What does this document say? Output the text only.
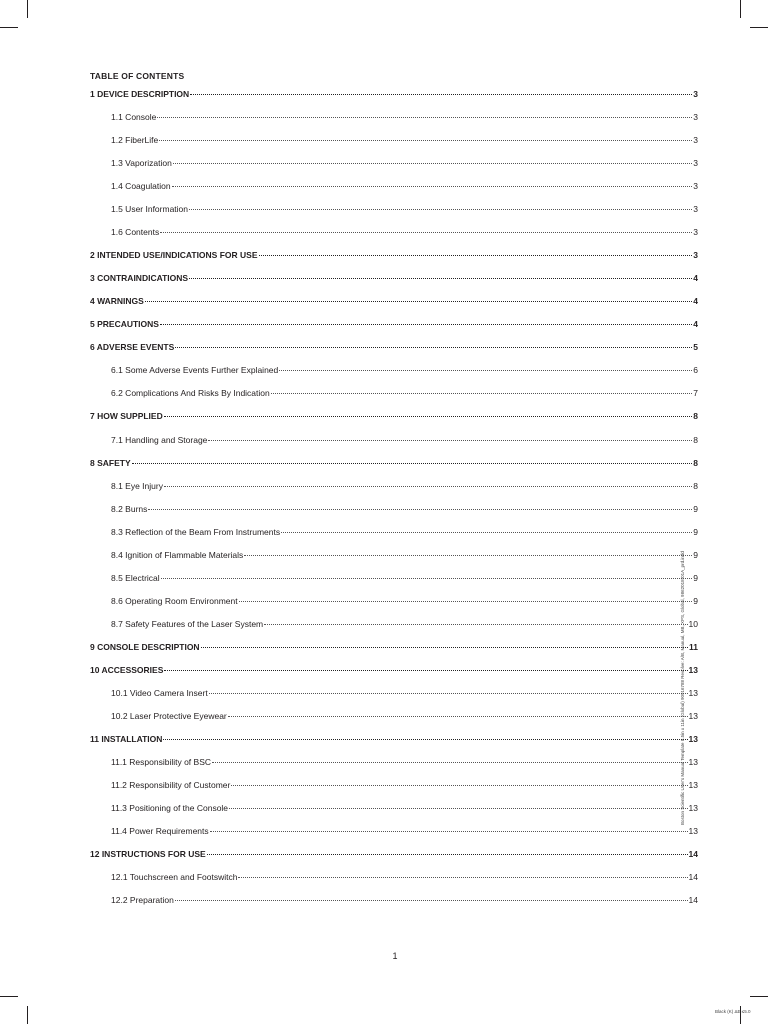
TABLE OF CONTENTS
1 DEVICE DESCRIPTION	3
1.1 Console	3
1.2 FiberLife	3
1.3 Vaporization	3
1.4 Coagulation	3
1.5 User Information	3
1.6 Contents	3
2 INTENDED USE/INDICATIONS FOR USE	3
3 CONTRAINDICATIONS	4
4 WARNINGS	4
5 PRECAUTIONS	4
6 ADVERSE EVENTS	5
6.1 Some Adverse Events Further Explained	6
6.2 Complications And Risks By Indication	7
7 HOW SUPPLIED	8
7.1 Handling and Storage	8
8 SAFETY	8
8.1 Eye Injury	8
8.2 Burns	9
8.3 Reflection of the Beam From Instruments	9
8.4 Ignition of Flammable Materials	9
8.5 Electrical	9
8.6 Operating Room Environment	9
8.7 Safety Features of the Laser System	10
9 CONSOLE DESCRIPTION	11
10 ACCESSORIES	13
10.1 Video Camera Insert	13
10.2 Laser Protective Eyewear	13
11 INSTALLATION	13
11.1 Responsibility of BSC	13
11.2 Responsibility of Customer	13
11.3 Positioning of the Console	13
11.4 Power Requirements	13
12 INSTRUCTIONS FOR USE	14
12.1 Touchscreen and Footswitch	14
12.2 Preparation	14
1
Boston Scientific User's Manual Template 8.5in x 11in (Global) 90916788 Revolve: A/B, Manual, MB, XPS, Global, 9862018-01A_prd.indd
Black (K) ΔE ≤5.0
